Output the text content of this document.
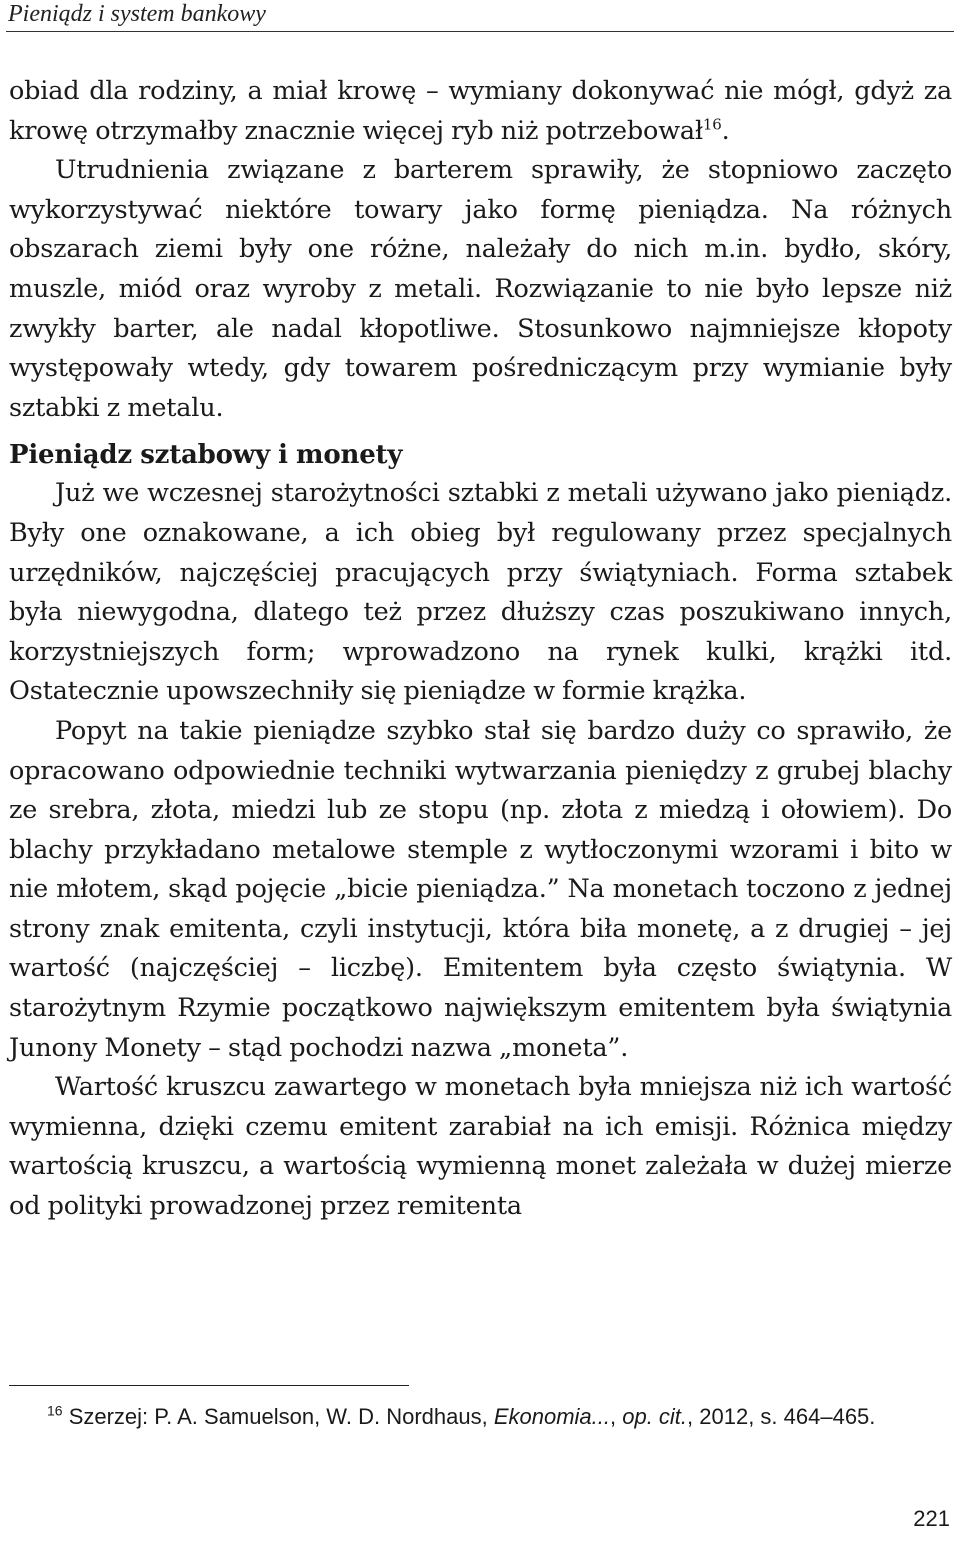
Pieniądz i system bankowy

obiad dla rodziny, a miał krowę – wymiany dokonywać nie mógł, gdyż za krowę otrzymałby znacznie więcej ryb niż potrzebował$^{16}$.

Utrudnienia związane z barterem sprawiły, że stopniowo zaczęto wykorzystywać niektóre towary jako formę pieniądza. Na różnych obszarach ziemi były one różne, należały do nich m.in. bydło, skóry, muszle, miód oraz wyroby z metali. Rozwiązanie to nie było lepsze niż zwykły barter, ale nadal kłopotliwe. Stosunkowo najmniejsze kłopoty występowały wtedy, gdy towarem pośredniczącym przy wymianie były sztabki z metalu.

Pieniądz sztabowy i monety

Już we wczesnej starożytności sztabki z metali używano jako pieniądz. Były one oznakowane, a ich obieg był regulowany przez specjalnych urzędników, najczęściej pracujących przy świątyniach. Forma sztabek była niewygodna, dlatego też przez dłuższy czas poszukiwano innych, korzystniejszych form; wprowadzono na rynek kulki, krążki itd. Ostatecznie upowszechniły się pieniądze w formie krążka.

Popyt na takie pieniądze szybko stał się bardzo duży co sprawiło, że opracowano odpowiednie techniki wytwarzania pieniędzy z grubej blachy ze srebra, złota, miedzi lub ze stopu (np. złota z miedzą i ołowiem). Do blachy przykładano metalowe stemple z wytłoczonymi wzorami i bito w nie młotem, skąd pojęcie „bicie pieniądza.” Na monetach toczono z jednej strony znak emitenta, czyli instytucji, która biła monetę, a z drugiej – jej wartość (najczęściej – liczbę). Emitentem była często świątynia. W starożytnym Rzymie początkowo największym emitentem była świątynia Junony Monety – stąd pochodzi nazwa „moneta”.

Wartość kruszcu zawartego w monetach była mniejsza niż ich wartość wymienna, dzięki czemu emitent zarabiał na ich emisji. Różnica między wartością kruszcu, a wartością wymienną monet zależała w dużej mierze od polityki prowadzonej przez remitenta

$^{16}$ Szerzej: P. A. Samuelson, W. D. Nordhaus, Ekonomia..., op. cit., 2012, s. 464–465.
221
